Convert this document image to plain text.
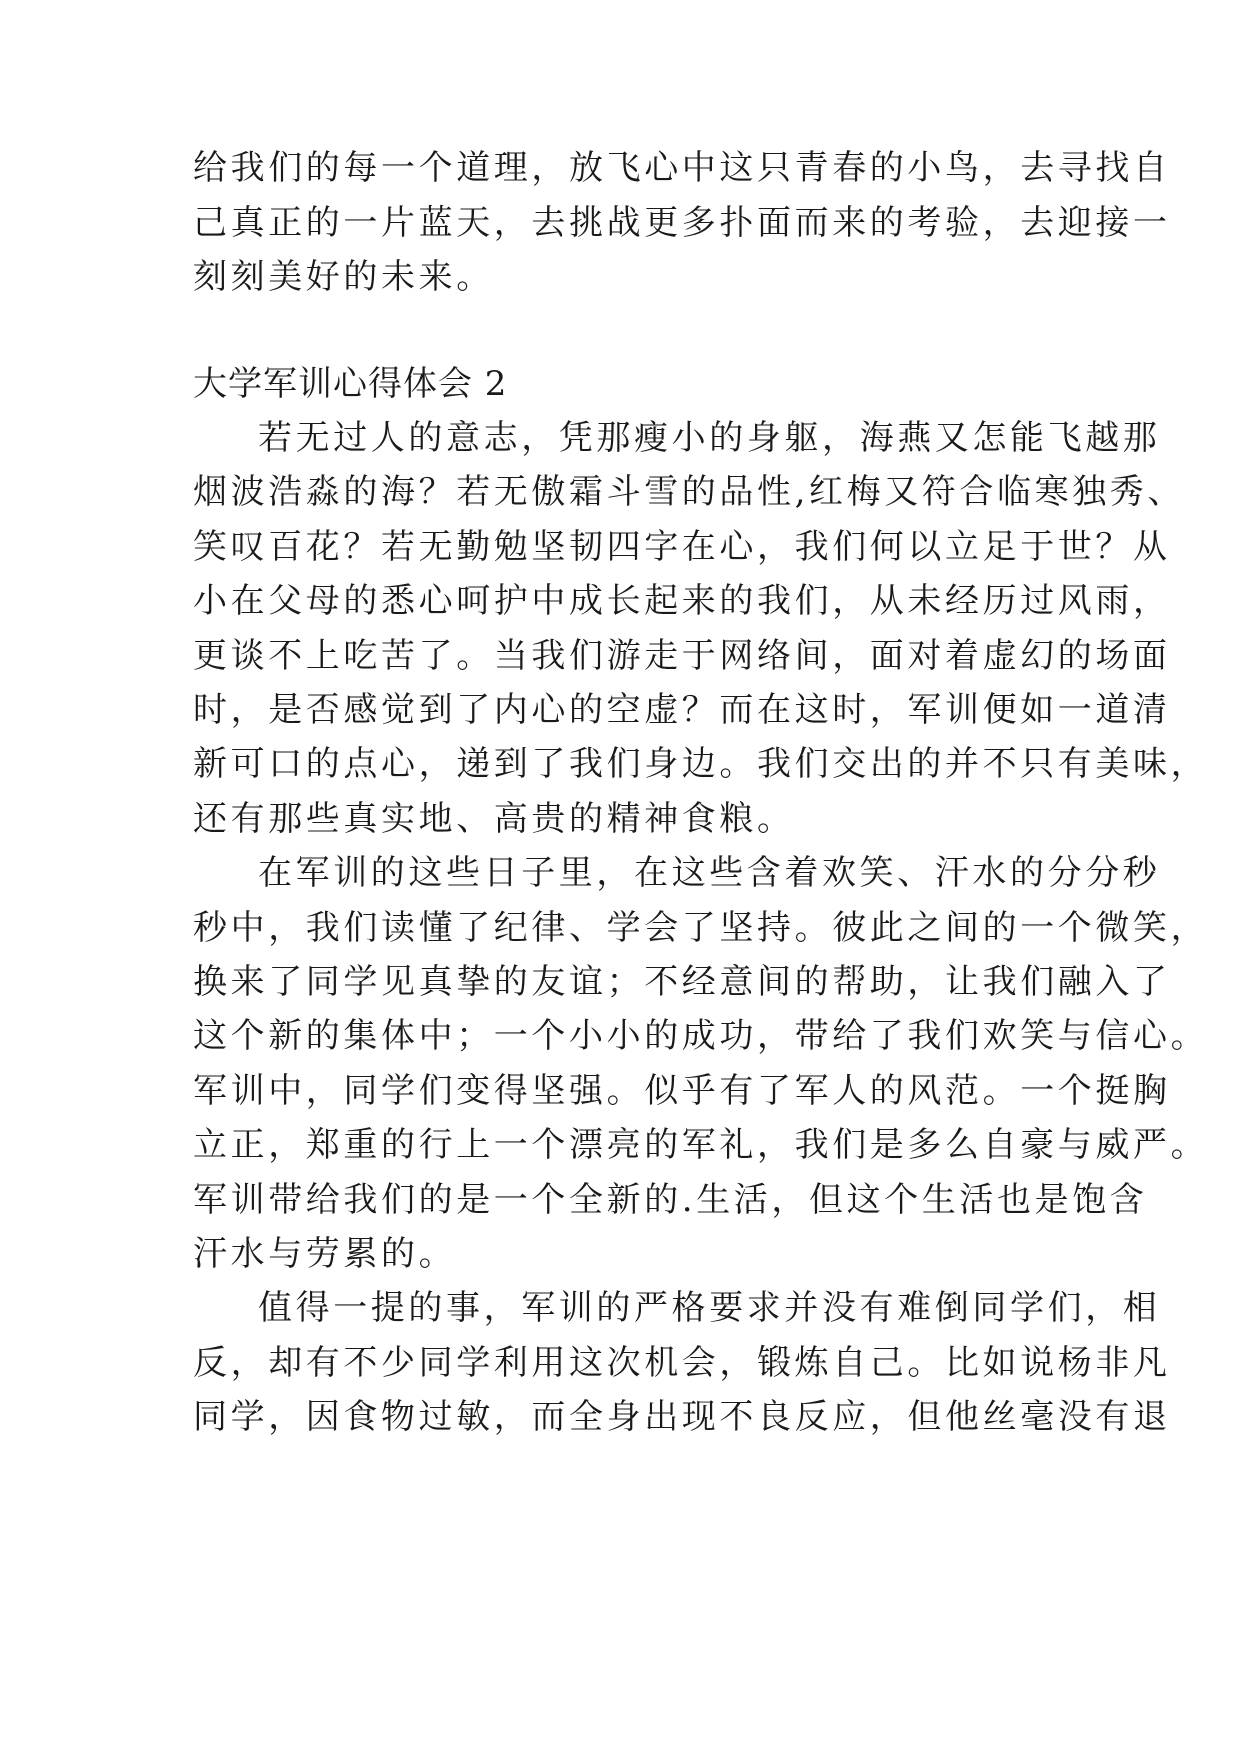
给我们的每一个道理，放飞心中这只青春的小鸟，去寻找自
己真正的一片蓝天，去挑战更多扑面而来的考验，去迎接一
刻刻美好的未来。
大学军训心得体会 2
若无过人的意志，凭那瘦小的身躯，海燕又怎能飞越那
烟波浩淼的海？若无傲霜斗雪的品性,红梅又符合临寒独秀、
笑叹百花？若无勤勉坚韧四字在心，我们何以立足于世？从
小在父母的悉心呵护中成长起来的我们，从未经历过风雨，
更谈不上吃苦了。当我们游走于网络间，面对着虚幻的场面
时，是否感觉到了内心的空虚？而在这时，军训便如一道清
新可口的点心，递到了我们身边。我们交出的并不只有美味，
还有那些真实地、高贵的精神食粮。
在军训的这些日子里，在这些含着欢笑、汗水的分分秒
秒中，我们读懂了纪律、学会了坚持。彼此之间的一个微笑，
换来了同学见真挚的友谊；不经意间的帮助，让我们融入了
这个新的集体中；一个小小的成功，带给了我们欢笑与信心。
军训中，同学们变得坚强。似乎有了军人的风范。一个挺胸
立正，郑重的行上一个漂亮的军礼，我们是多么自豪与威严。
军训带给我们的是一个全新的.生活，但这个生活也是饱含
汗水与劳累的。
值得一提的事，军训的严格要求并没有难倒同学们，相
反，却有不少同学利用这次机会，锻炼自己。比如说杨非凡
同学，因食物过敏，而全身出现不良反应，但他丝毫没有退
